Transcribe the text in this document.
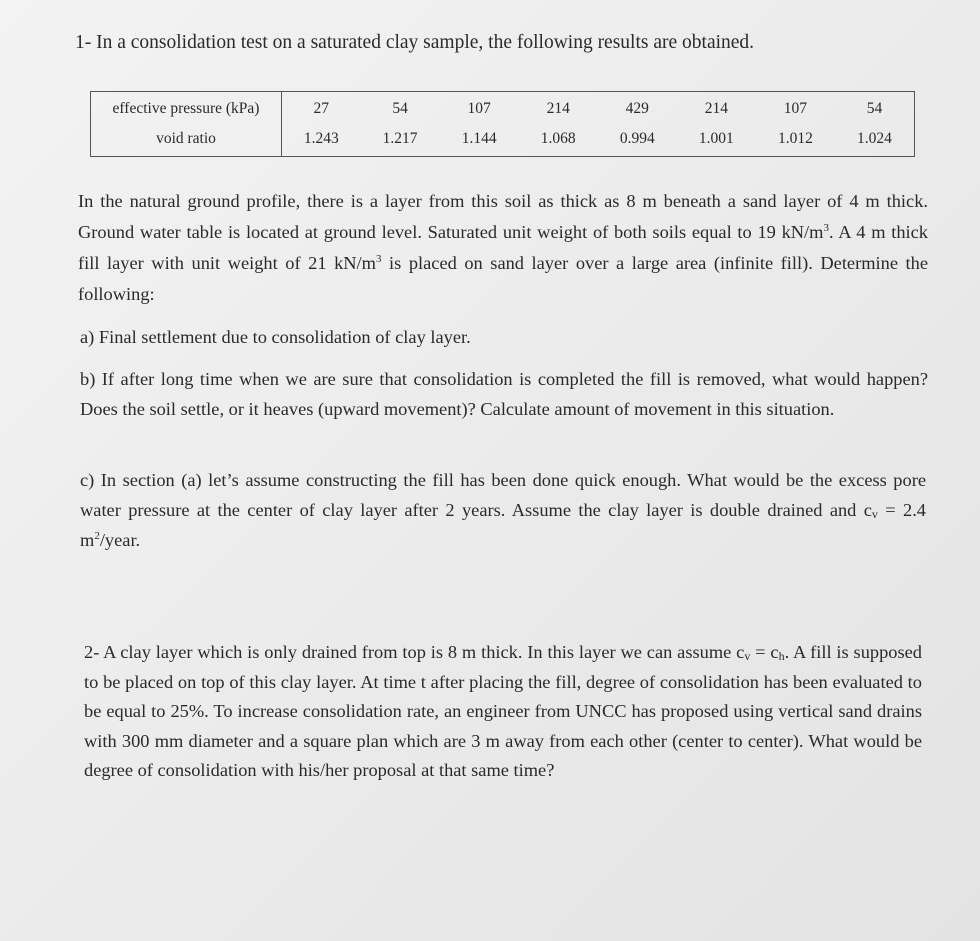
1- In a consolidation test on a saturated clay sample, the following results are obtained.
effective pressure (kPa)	27	54	107	214	429	214	107	54
void ratio	1.243	1.217	1.144	1.068	0.994	1.001	1.012	1.024
In the natural ground profile, there is a layer from this soil as thick as 8 m beneath a sand layer of 4 m thick. Ground water table is located at ground level. Saturated unit weight of both soils equal to 19 $kN/m^3$. A 4 m thick fill layer with unit weight of 21 $kN/m^3$ is placed on sand layer over a large area (infinite fill). Determine the following:
a) Final settlement due to consolidation of clay layer.
b) If after long time when we are sure that consolidation is completed the fill is removed, what would happen? Does the soil settle, or it heaves (upward movement)? Calculate amount of movement in this situation.
c) In section (a) let’s assume constructing the fill has been done quick enough. What would be the excess pore water pressure at the center of clay layer after 2 years. Assume the clay layer is double drained and $c_v = 2.4$ $m^2$/year.
2- A clay layer which is only drained from top is 8 m thick. In this layer we can assume $c_v = c_h$. A fill is supposed to be placed on top of this clay layer. At time t after placing the fill, degree of consolidation has been evaluated to be equal to 25%. To increase consolidation rate, an engineer from UNCC has proposed using vertical sand drains with 300 mm diameter and a square plan which are 3 m away from each other (center to center). What would be degree of consolidation with his/her proposal at that same time?
